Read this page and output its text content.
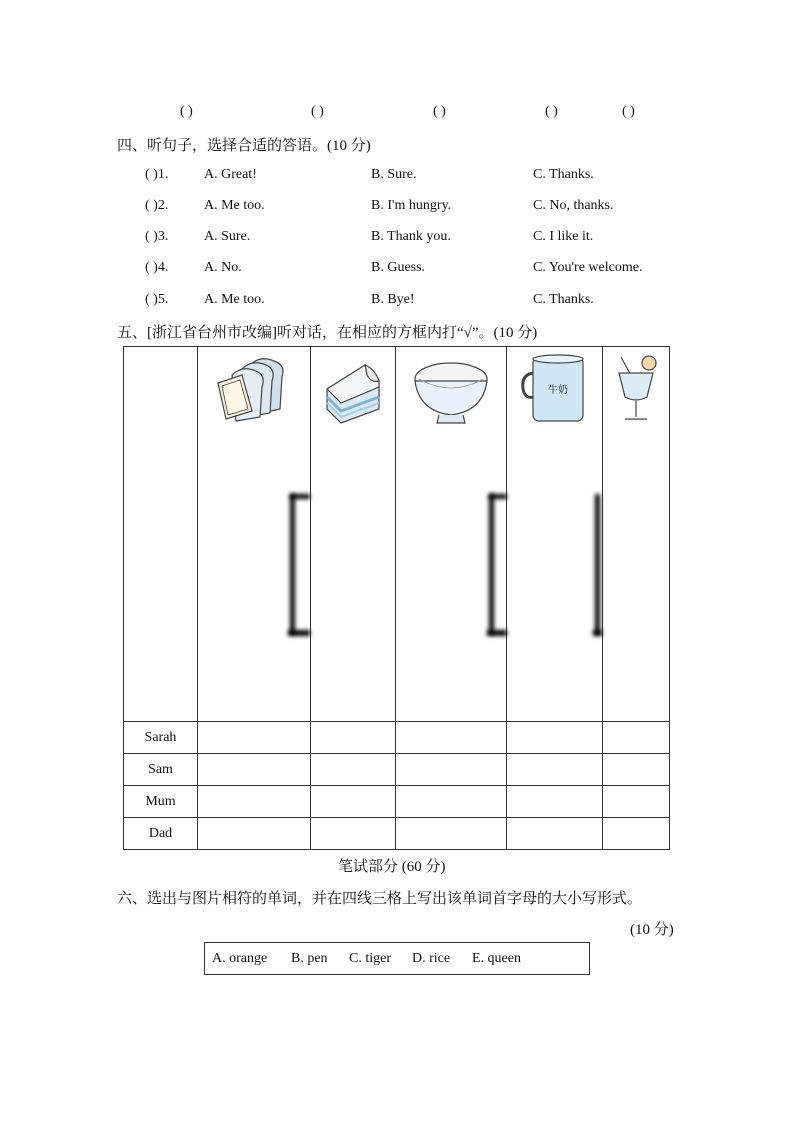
( )	( )	( )	( )	( )
四、听句子，选择合适的答语。(10 分)
( )1.	A. Great!	B. Sure.	C. Thanks.
( )2.	A. Me too.	B. I'm hungry.	C. No, thanks.
( )3.	A. Sure.	B. Thank you.	C. I like it.
( )4.	A. No.	B. Guess.	C. You're welcome.
( )5.	A. Me too.	B. Bye!	C. Thanks.
五、[浙江省台州市改编]听对话，在相应的方框内打“√”。(10 分)

牛奶

Sarah					
Sam					
Mum					
Dad					
笔试部分 (60 分)
六、选出与图片相符的单词，并在四线三格上写出该单词首字母的大小写形式。
(10 分)
A. orange B. pen C. tiger D. rice E. queen
